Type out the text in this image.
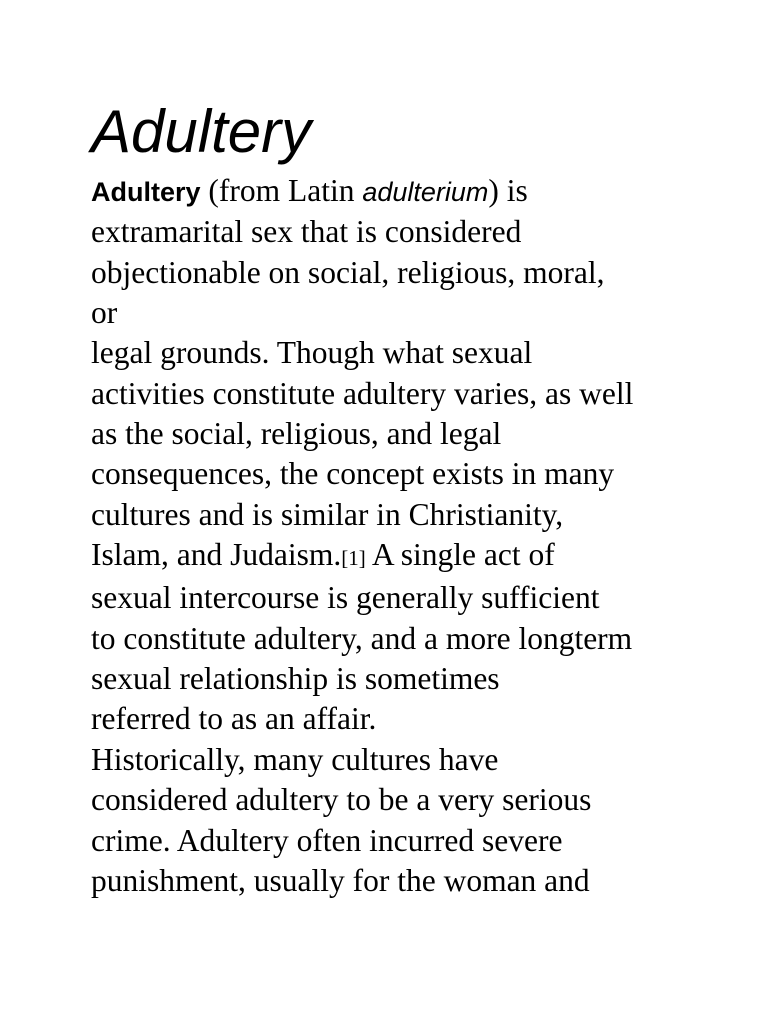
Adultery
Adultery (from Latin adulterium) is
extramarital sex that is considered
objectionable on social, religious, moral,
or
legal grounds. Though what sexual
activities constitute adultery varies, as well
as the social, religious, and legal
consequences, the concept exists in many
cultures and is similar in Christianity,
Islam, and Judaism.[1] A single act of
sexual intercourse is generally sufficient
to constitute adultery, and a more longterm
sexual relationship is sometimes
referred to as an affair.
Historically, many cultures have
considered adultery to be a very serious
crime. Adultery often incurred severe
punishment, usually for the woman and
